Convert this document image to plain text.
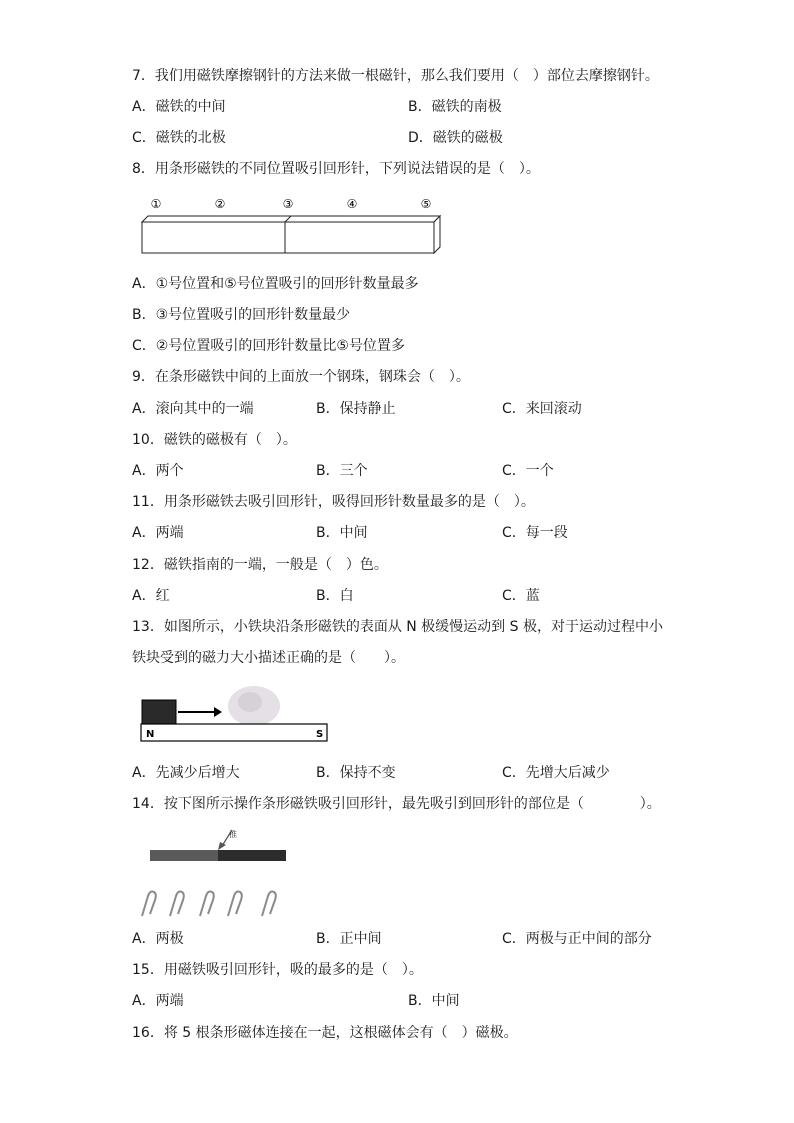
7．我们用磁铁摩擦钢针的方法来做一根磁针，那么我们要用（　）部位去摩擦钢针。
A．磁铁的中间	B．磁铁的南极
C．磁铁的北极	D．磁铁的磁极
8．用条形磁铁的不同位置吸引回形针，下列说法错误的是（　）。
①	②	③	④	⑤
A．①号位置和⑤号位置吸引的回形针数量最多
B．③号位置吸引的回形针数量最少
C．②号位置吸引的回形针数量比⑤号位置多
9．在条形磁铁中间的上面放一个钢珠，钢珠会（　）。
A．滚向其中的一端	B．保持静止	C．来回滚动
10．磁铁的磁极有（　）。
A．两个	B．三个	C．一个
11．用条形磁铁去吸引回形针，吸得回形针数量最多的是（　）。
A．两端	B．中间	C．每一段
12．磁铁指南的一端，一般是（　）色。
A．红	B．白	C．蓝
13．如图所示，小铁块沿条形磁铁的表面从 N 极缓慢运动到 S 极，对于运动过程中小
铁块受到的磁力大小描述正确的是（　　）。
N	S
A．先减少后增大	B．保持不变	C．先增大后减少
14．按下图所示操作条形磁铁吸引回形针，最先吸引到回形针的部位是（　　　　）。
推
A．两极	B．正中间	C．两极与正中间的部分
15．用磁铁吸引回形针，吸的最多的是（　）。
A．两端	B．中间
16．将 5 根条形磁体连接在一起，这根磁体会有（　）磁极。
